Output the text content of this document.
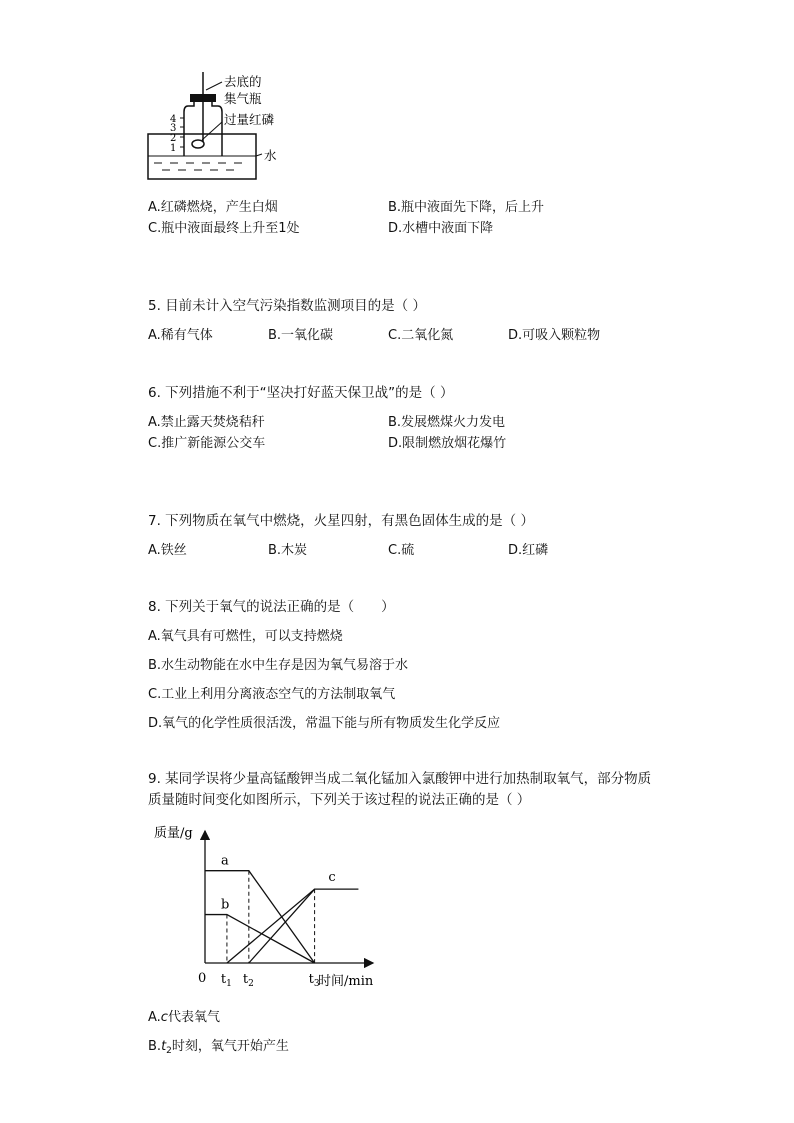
4
3
2
1
去底的
集气瓶
过量红磷
水
A.红磷燃烧，产生白烟	B.瓶中液面先下降，后上升
C.瓶中液面最终上升至1处	D.水槽中液面下降
5. 目前未计入空气污染指数监测项目的是（ ）
A.稀有气体	B.一氧化碳	C.二氧化氮	D.可吸入颗粒物
6. 下列措施不利于“坚决打好蓝天保卫战”的是（ ）
A.禁止露天焚烧秸秆	B.发展燃煤火力发电
C.推广新能源公交车	D.限制燃放烟花爆竹
7. 下列物质在氧气中燃烧，火星四射，有黑色固体生成的是（ ）
A.铁丝	B.木炭	C.硫	D.红磷
8. 下列关于氧气的说法正确的是（　　）
A.氧气具有可燃性，可以支持燃烧
B.水生动物能在水中生存是因为氧气易溶于水
C.工业上利用分离液态空气的方法制取氧气
D.氧气的化学性质很活泼，常温下能与所有物质发生化学反应
9. 某同学误将少量高锰酸钾当成二氧化锰加入氯酸钾中进行加热制取氧气，部分物质
质量随时间变化如图所示，下列关于该过程的说法正确的是（ ）
a
b
c
$t_1$ $t_2$	$t_3$
质量/g
时间/min
0
A.c代表氧气
$B.t_2$时刻，氧气开始产生
